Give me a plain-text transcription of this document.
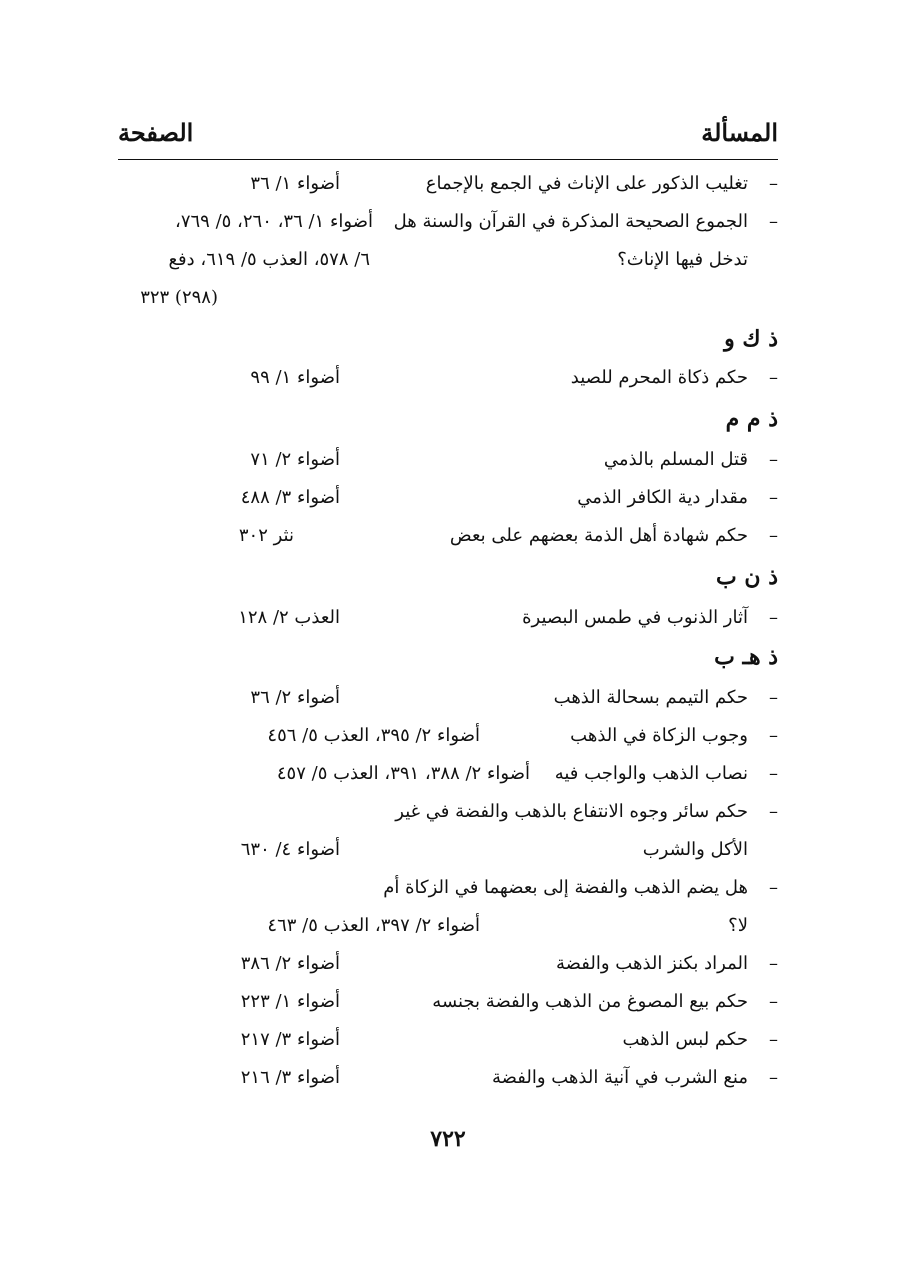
المسألة
الصفحة
–
تغليب الذكور على الإناث في الجمع بالإجماع
أضواء ١/ ٣٦
–
الجموع الصحيحة المذكرة في القرآن والسنة هل
أضواء ١/ ٣٦، ٢٦٠، ٥/ ٧٦٩،
تدخل فيها الإناث؟
٦/ ٥٧٨، العذب ٥/ ٦١٩، دفع
(٢٩٨) ٣٢٣
ذ ك و
–
حكم ذكاة المحرم للصيد
أضواء ١/ ٩٩
ذ م م
–
قتل المسلم بالذمي
أضواء ٢/ ٧١
–
مقدار دية الكافر الذمي
أضواء ٣/ ٤٨٨
–
حكم شهادة أهل الذمة بعضهم على بعض
نثر ٣٠٢
ذ ن ب
–
آثار الذنوب في طمس البصيرة
العذب ٢/ ١٢٨
ذ هـ ب
–
حكم التيمم بسحالة الذهب
أضواء ٢/ ٣٦
–
وجوب الزكاة في الذهب
أضواء ٢/ ٣٩٥، العذب ٥/ ٤٥٦
–
نصاب الذهب والواجب فيه
أضواء ٢/ ٣٨٨، ٣٩١، العذب ٥/ ٤٥٧
–
حكم سائر وجوه الانتفاع بالذهب والفضة في غير
الأكل والشرب
أضواء ٤/ ٦٣٠
–
هل يضم الذهب والفضة إلى بعضهما في الزكاة أم
لا؟
أضواء ٢/ ٣٩٧، العذب ٥/ ٤٦٣
–
المراد بكنز الذهب والفضة
أضواء ٢/ ٣٨٦
–
حكم بيع المصوغ من الذهب والفضة بجنسه
أضواء ١/ ٢٢٣
–
حكم لبس الذهب
أضواء ٣/ ٢١٧
–
منع الشرب في آنية الذهب والفضة
أضواء ٣/ ٢١٦
٧٢٢
